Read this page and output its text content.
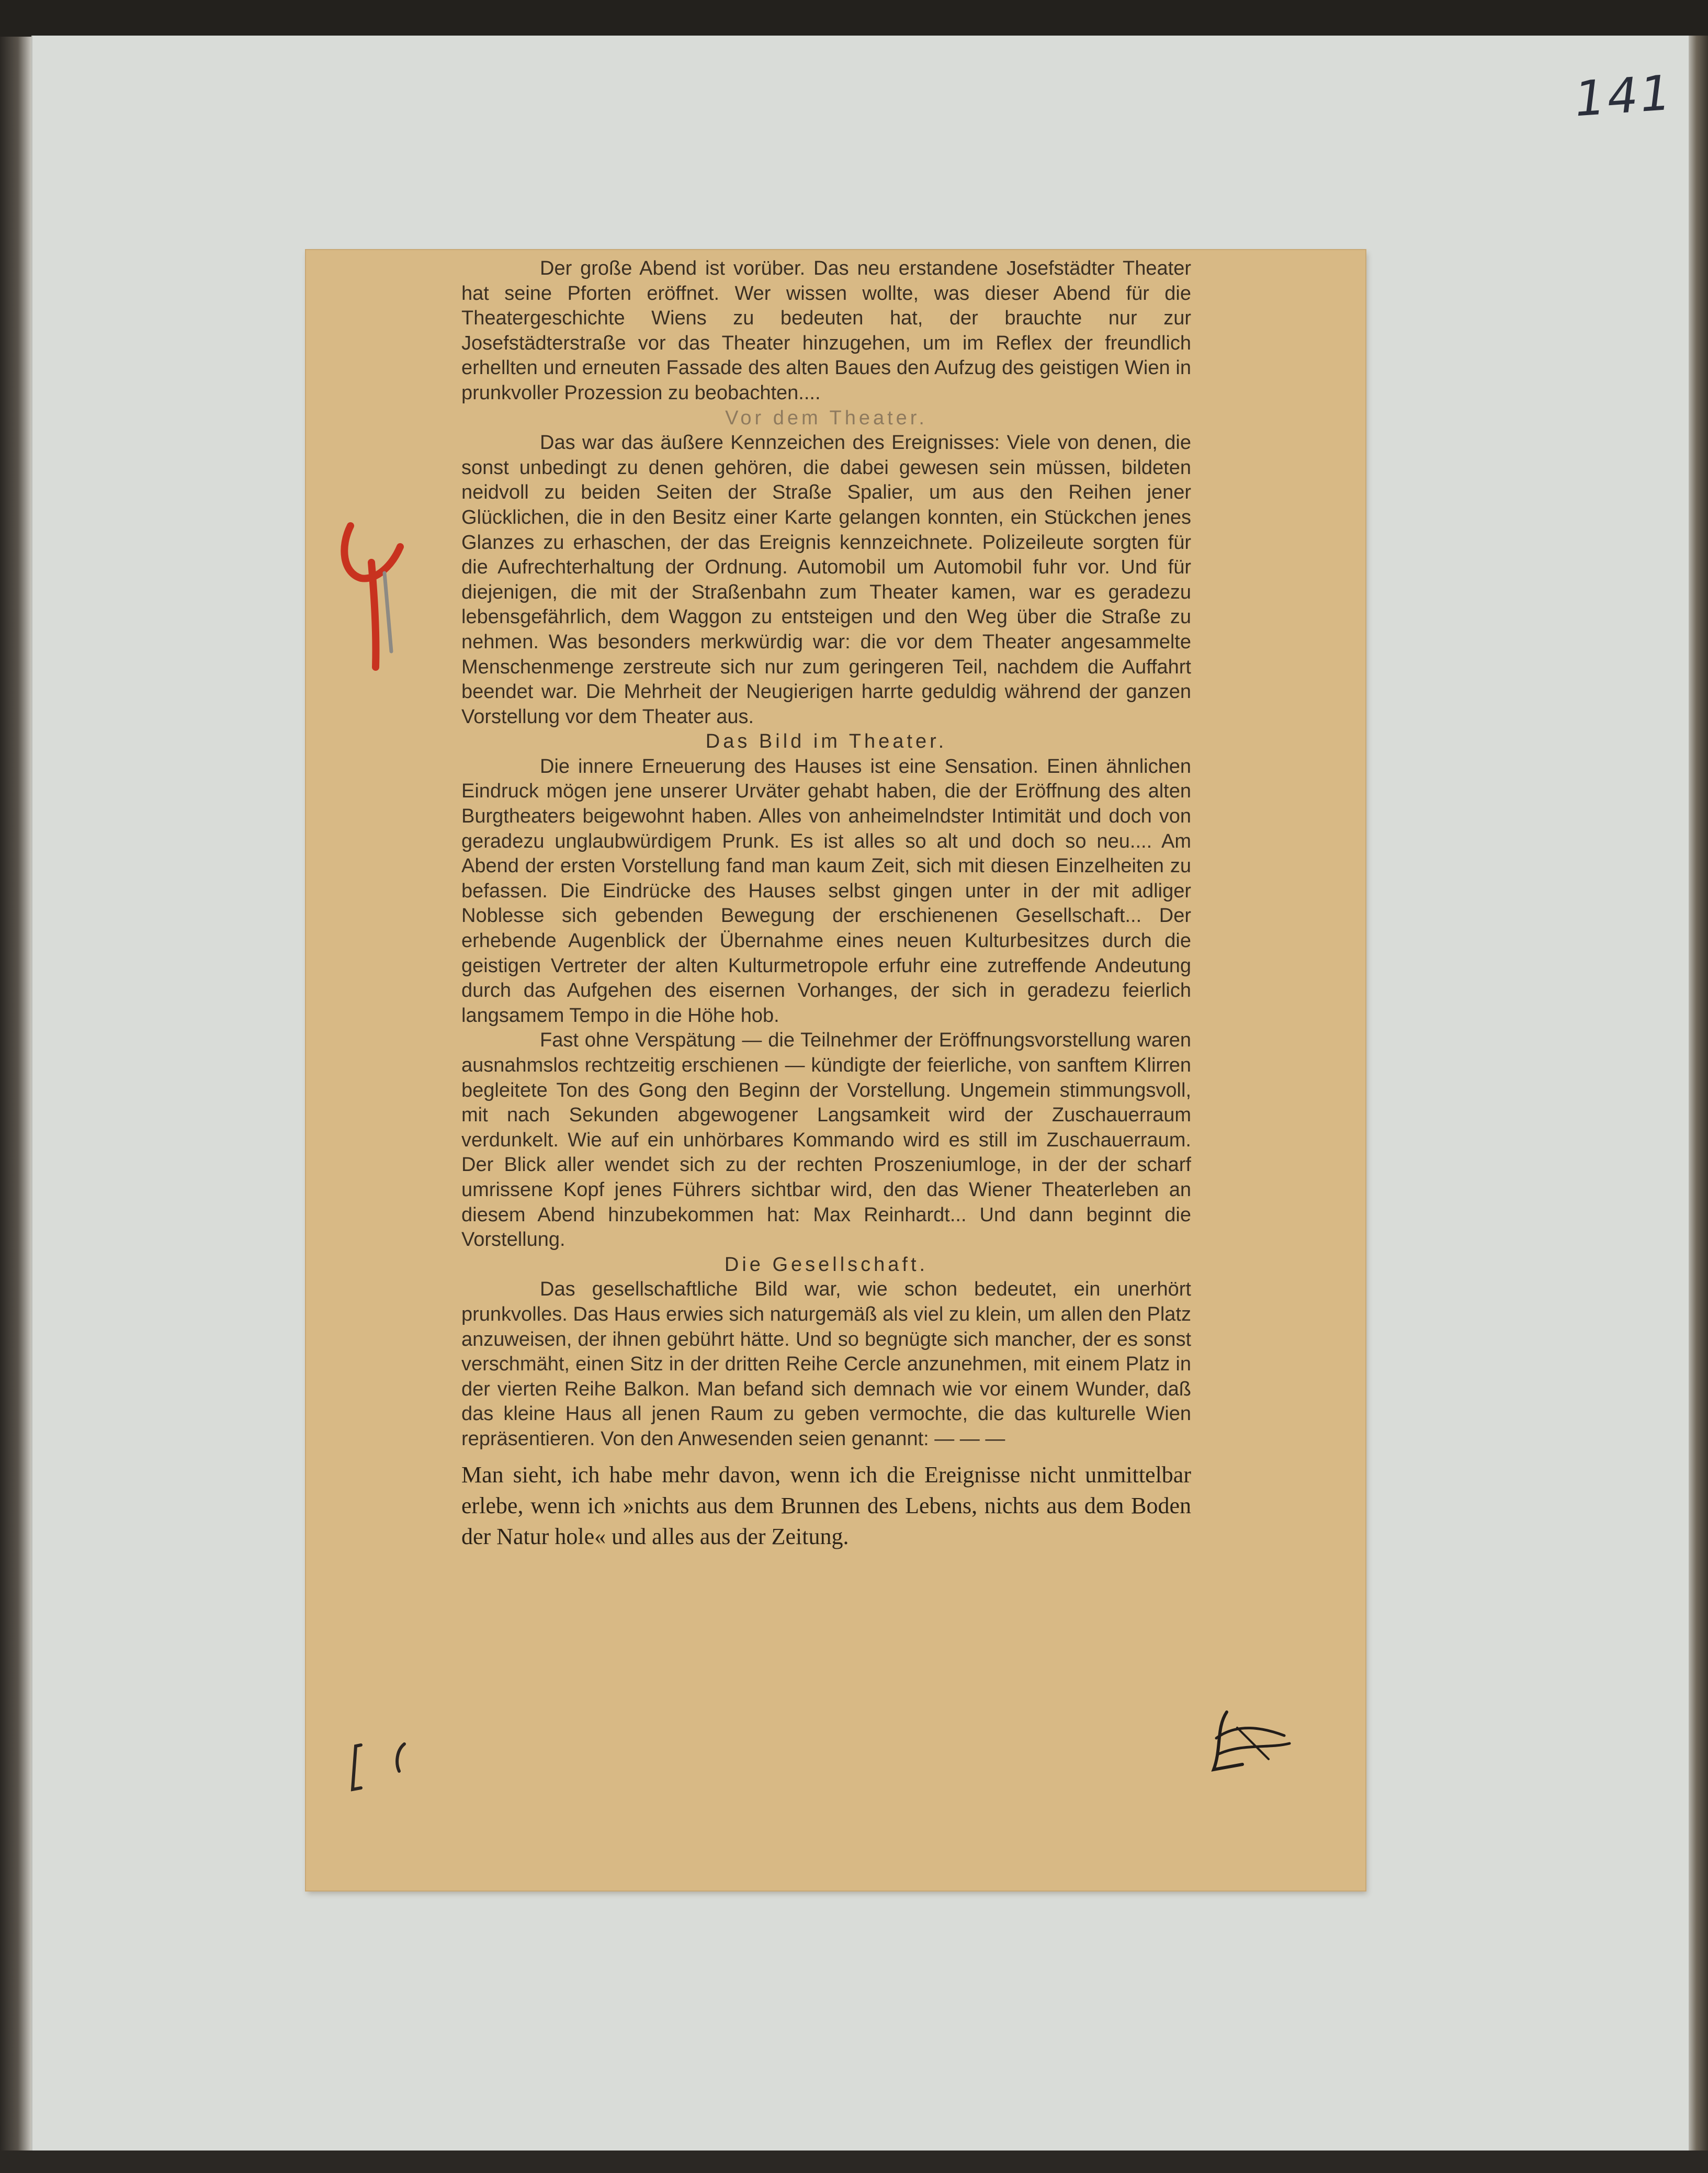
141

Der große Abend ist vorüber. Das neu erstandene Josefstädter Theater hat seine Pforten eröffnet. Wer wissen wollte, was dieser Abend für die Theatergeschichte Wiens zu bedeuten hat, der brauchte nur zur Josefstädterstraße vor das Theater hinzugehen, um im Reflex der freundlich erhellten und erneuten Fassade des alten Baues den Aufzug des geistigen Wien in prunkvoller Prozession zu beobachten....

Vor dem Theater.

Das war das äußere Kennzeichen des Ereignisses: Viele von denen, die sonst unbedingt zu denen gehören, die dabei gewesen sein müssen, bildeten neidvoll zu beiden Seiten der Straße Spalier, um aus den Reihen jener Glücklichen, die in den Besitz einer Karte gelangen konnten, ein Stückchen jenes Glanzes zu erhaschen, der das Ereignis kennzeichnete. Polizeileute sorgten für die Aufrechterhaltung der Ordnung. Automobil um Automobil fuhr vor. Und für diejenigen, die mit der Straßenbahn zum Theater kamen, war es geradezu lebensgefährlich, dem Waggon zu entsteigen und den Weg über die Straße zu nehmen. Was besonders merkwürdig war: die vor dem Theater angesammelte Menschenmenge zerstreute sich nur zum geringeren Teil, nachdem die Auffahrt beendet war. Die Mehrheit der Neugierigen harrte geduldig während der ganzen Vorstellung vor dem Theater aus.

Das Bild im Theater.

Die innere Erneuerung des Hauses ist eine Sensation. Einen ähnlichen Eindruck mögen jene unserer Urväter gehabt haben, die der Eröffnung des alten Burgtheaters beigewohnt haben. Alles von anheimelndster Intimität und doch von geradezu unglaubwürdigem Prunk. Es ist alles so alt und doch so neu.... Am Abend der ersten Vorstellung fand man kaum Zeit, sich mit diesen Einzelheiten zu befassen. Die Eindrücke des Hauses selbst gingen unter in der mit adliger Noblesse sich gebenden Bewegung der erschienenen Gesellschaft... Der erhebende Augenblick der Übernahme eines neuen Kulturbesitzes durch die geistigen Vertreter der alten Kulturmetropole erfuhr eine zutreffende Andeutung durch das Aufgehen des eisernen Vorhanges, der sich in geradezu feierlich langsamem Tempo in die Höhe hob.

Fast ohne Verspätung — die Teilnehmer der Eröffnungsvorstellung waren ausnahmslos rechtzeitig erschienen — kündigte der feierliche, von sanftem Klirren begleitete Ton des Gong den Beginn der Vorstellung. Ungemein stimmungsvoll, mit nach Sekunden abgewogener Langsamkeit wird der Zuschauerraum verdunkelt. Wie auf ein unhörbares Kommando wird es still im Zuschauerraum. Der Blick aller wendet sich zu der rechten Proszeniumloge, in der der scharf umrissene Kopf jenes Führers sichtbar wird, den das Wiener Theaterleben an diesem Abend hinzubekommen hat: Max Reinhardt... Und dann beginnt die Vorstellung.

Die Gesellschaft.

Das gesellschaftliche Bild war, wie schon bedeutet, ein unerhört prunkvolles. Das Haus erwies sich naturgemäß als viel zu klein, um allen den Platz anzuweisen, der ihnen gebührt hätte. Und so begnügte sich mancher, der es sonst verschmäht, einen Sitz in der dritten Reihe Cercle anzunehmen, mit einem Platz in der vierten Reihe Balkon. Man befand sich demnach wie vor einem Wunder, daß das kleine Haus all jenen Raum zu geben vermochte, die das kulturelle Wien repräsentieren. Von den Anwesenden seien genannt: — — —

Man sieht, ich habe mehr davon, wenn ich die Ereignisse nicht unmittelbar erlebe, wenn ich »nichts aus dem Brunnen des Lebens, nichts aus dem Boden der Natur hole« und alles aus der Zeitung.
